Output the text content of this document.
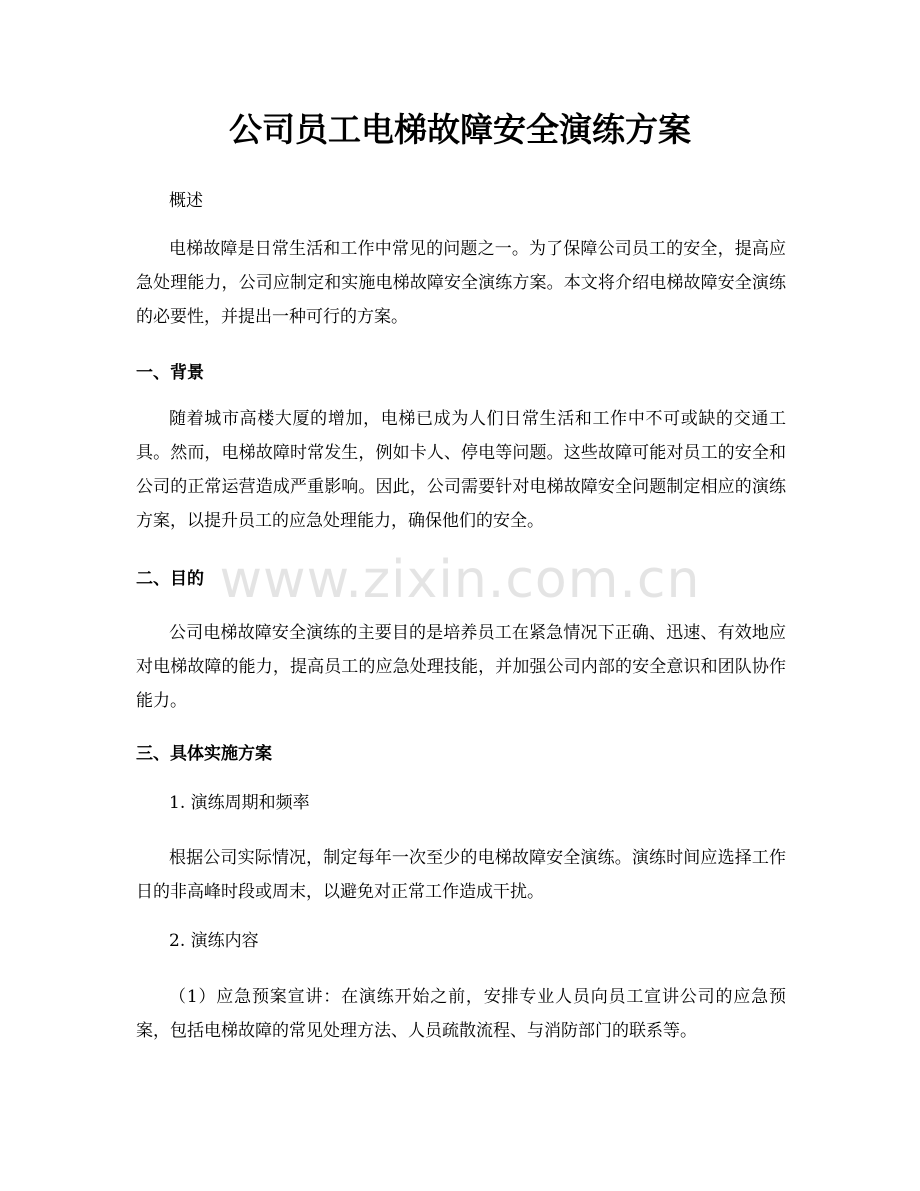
公司员工电梯故障安全演练方案

概述

电梯故障是日常生活和工作中常见的问题之一。为了保障公司员工的安全，提高应急处理能力，公司应制定和实施电梯故障安全演练方案。本文将介绍电梯故障安全演练的必要性，并提出一种可行的方案。

一、背景

随着城市高楼大厦的增加，电梯已成为人们日常生活和工作中不可或缺的交通工具。然而，电梯故障时常发生，例如卡人、停电等问题。这些故障可能对员工的安全和公司的正常运营造成严重影响。因此，公司需要针对电梯故障安全问题制定相应的演练方案，以提升员工的应急处理能力，确保他们的安全。

二、目的

公司电梯故障安全演练的主要目的是培养员工在紧急情况下正确、迅速、有效地应对电梯故障的能力，提高员工的应急处理技能，并加强公司内部的安全意识和团队协作能力。

三、具体实施方案

1. 演练周期和频率

根据公司实际情况，制定每年一次至少的电梯故障安全演练。演练时间应选择工作日的非高峰时段或周末，以避免对正常工作造成干扰。

2. 演练内容

（1）应急预案宣讲：在演练开始之前，安排专业人员向员工宣讲公司的应急预案，包括电梯故障的常见处理方法、人员疏散流程、与消防部门的联系等。

www.zixin.com.cn
